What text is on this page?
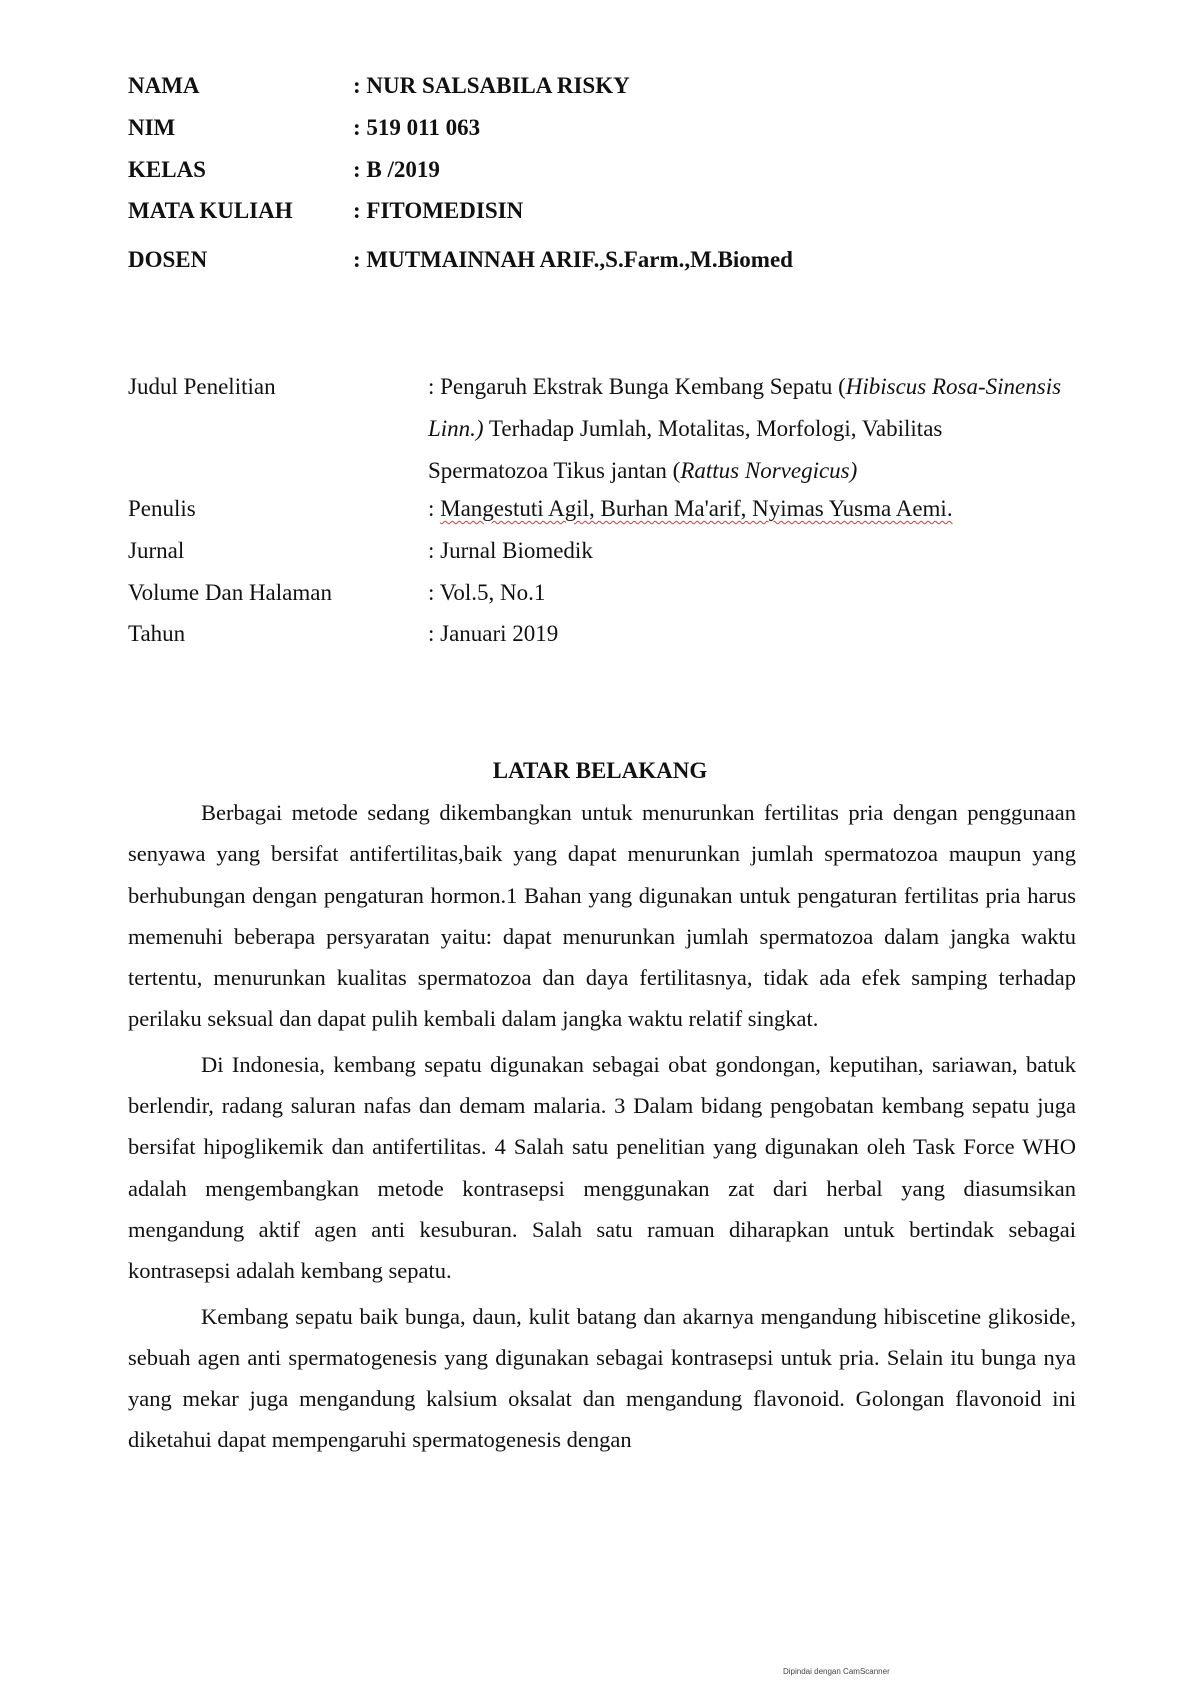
NAMA	: NUR SALSABILA RISKY
NIM	: 519 011 063
KELAS	: B /2019
MATA KULIAH	: FITOMEDISIN
DOSEN	: MUTMAINNAH ARIF.,S.Farm.,M.Biomed
Judul Penelitian	: Pengaruh Ekstrak Bunga Kembang Sepatu (Hibiscus Rosa-Sinensis Linn.) Terhadap Jumlah, Motalitas, Morfologi, Vabilitas Spermatozoa Tikus jantan (Rattus Norvegicus)
Penulis	: Mangestuti Agil, Burhan Ma'arif, Nyimas Yusma Aemi.
Jurnal	: Jurnal Biomedik
Volume Dan Halaman	: Vol.5, No.1
Tahun	: Januari 2019
LATAR BELAKANG

Berbagai metode sedang dikembangkan untuk menurunkan fertilitas pria dengan penggunaan senyawa yang bersifat antifertilitas,baik yang dapat menurunkan jumlah spermatozoa maupun yang berhubungan dengan pengaturan hormon.1 Bahan yang digunakan untuk pengaturan fertilitas pria harus memenuhi beberapa persyaratan yaitu: dapat menurunkan jumlah spermatozoa dalam jangka waktu tertentu, menurunkan kualitas spermatozoa dan daya fertilitasnya, tidak ada efek samping terhadap perilaku seksual dan dapat pulih kembali dalam jangka waktu relatif singkat.

Di Indonesia, kembang sepatu digunakan sebagai obat gondongan, keputihan, sariawan, batuk berlendir, radang saluran nafas dan demam malaria. 3 Dalam bidang pengobatan kembang sepatu juga bersifat hipoglikemik dan antifertilitas. 4 Salah satu penelitian yang digunakan oleh Task Force WHO adalah mengembangkan metode kontrasepsi menggunakan zat dari herbal yang diasumsikan mengandung aktif agen anti kesuburan. Salah satu ramuan diharapkan untuk bertindak sebagai kontrasepsi adalah kembang sepatu.

Kembang sepatu baik bunga, daun, kulit batang dan akarnya mengandung hibiscetine glikoside, sebuah agen anti spermatogenesis yang digunakan sebagai kontrasepsi untuk pria. Selain itu bunga nya yang mekar juga mengandung kalsium oksalat dan mengandung flavonoid. Golongan flavonoid ini diketahui dapat mempengaruhi spermatogenesis dengan

Dipindai dengan CamScanner
